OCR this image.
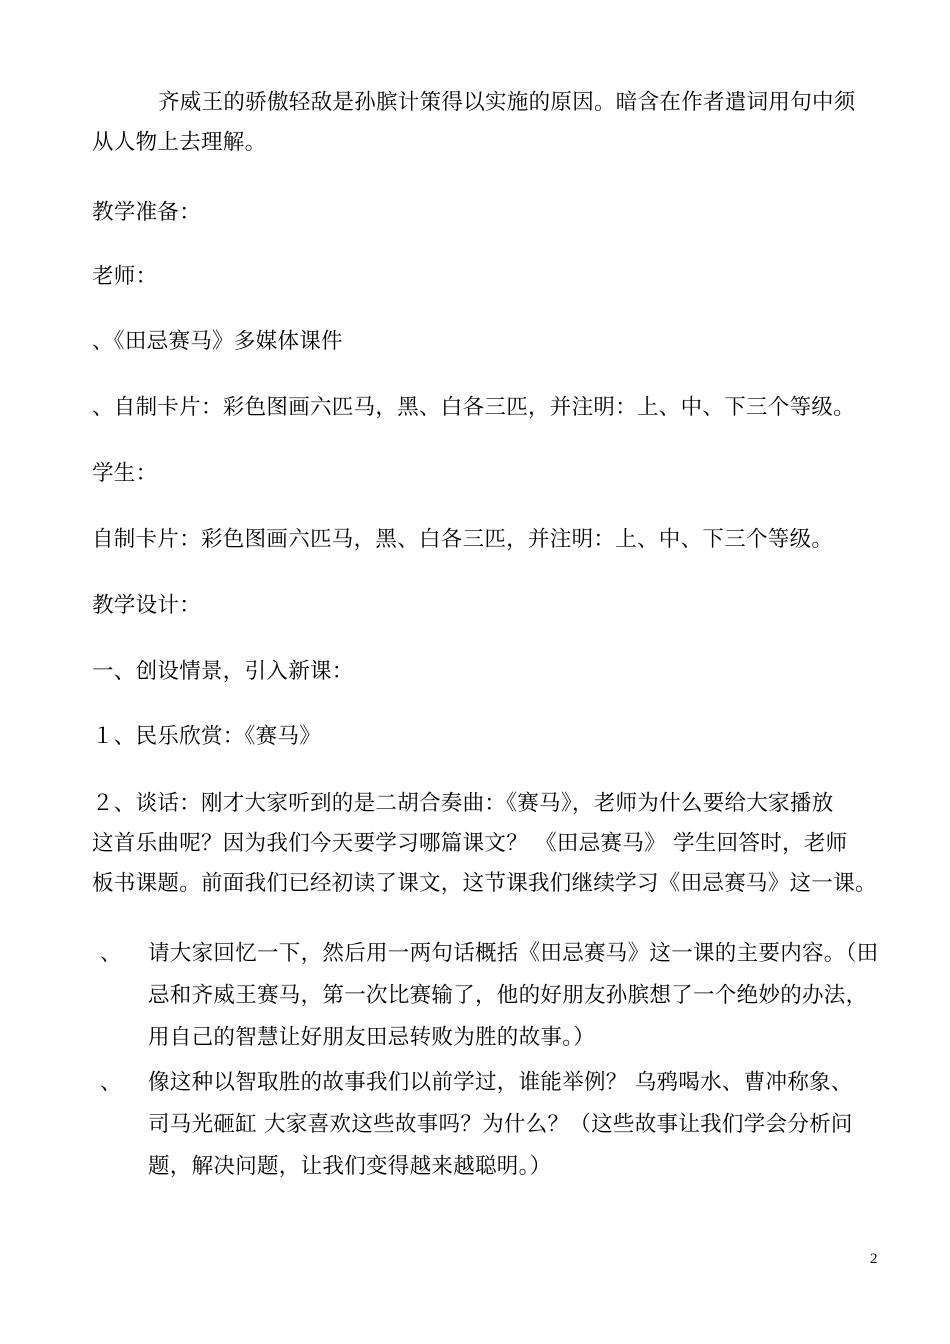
齐威王的骄傲轻敌是孙膑计策得以实施的原因。暗含在作者遣词用句中须
从人物上去理解。
教学准备：
老师：
、《田忌赛马》多媒体课件
、自制卡片：彩色图画六匹马，黑、白各三匹，并注明：上、中、下三个等级。
学生：
自制卡片：彩色图画六匹马，黑、白各三匹，并注明：上、中、下三个等级。
教学设计：
一、创设情景，引入新课：
１、民乐欣赏：《赛马》
２、谈话：刚才大家听到的是二胡合奏曲：《赛马》，老师为什么要给大家播放
这首乐曲呢？因为我们今天要学习哪篇课文？ 《田忌赛马》 学生回答时，老师
板书课题。前面我们已经初读了课文，这节课我们继续学习《田忌赛马》这一课。
、 请大家回忆一下，然后用一两句话概括《田忌赛马》这一课的主要内容。（田
忌和齐威王赛马，第一次比赛输了，他的好朋友孙膑想了一个绝妙的办法，
用自己的智慧让好朋友田忌转败为胜的故事。）
、 像这种以智取胜的故事我们以前学过，谁能举例？ 乌鸦喝水、曹冲称象、
司马光砸缸 大家喜欢这些故事吗？为什么？（这些故事让我们学会分析问
题，解决问题，让我们变得越来越聪明。）
2
